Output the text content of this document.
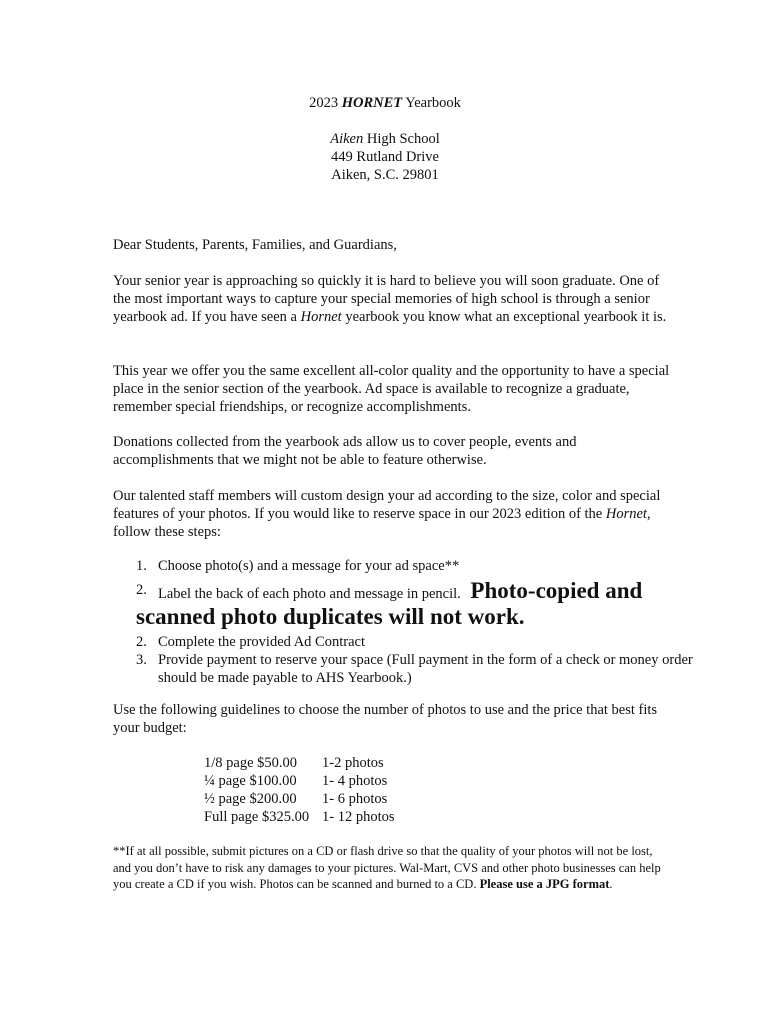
2023 HORNET Yearbook
Aiken High School
449 Rutland Drive
Aiken, S.C. 29801

Dear Students, Parents, Families, and Guardians,

Your senior year is approaching so quickly it is hard to believe you will soon graduate. One of the most important ways to capture your special memories of high school is through a senior yearbook ad. If you have seen a Hornet yearbook you know what an exceptional yearbook it is.

This year we offer you the same excellent all-color quality and the opportunity to have a special place in the senior section of the yearbook. Ad space is available to recognize a graduate, remember special friendships, or recognize accomplishments.

Donations collected from the yearbook ads allow us to cover people, events and accomplishments that we might not be able to feature otherwise.

Our talented staff members will custom design your ad according to the size, color and special features of your photos. If you would like to reserve space in our 2023 edition of the Hornet, follow these steps:

1. Choose photo(s) and a message for your ad space**
2. Label the back of each photo and message in pencil. Photo-copied and
scanned photo duplicates will not work.
2. Complete the provided Ad Contract
3. Provide payment to reserve your space (Full payment in the form of a check or money order should be made payable to AHS Yearbook.)

Use the following guidelines to choose the number of photos to use and the price that best fits your budget:

1/8 page $50.00	1-2 photos
¼ page $100.00	1- 4 photos
½ page $200.00	1- 6 photos
Full page $325.00 1- 12 photos

**If at all possible, submit pictures on a CD or flash drive so that the quality of your photos will not be lost, and you don’t have to risk any damages to your pictures. Wal-Mart, CVS and other photo businesses can help you create a CD if you wish. Photos can be scanned and burned to a CD. Please use a JPG format.
